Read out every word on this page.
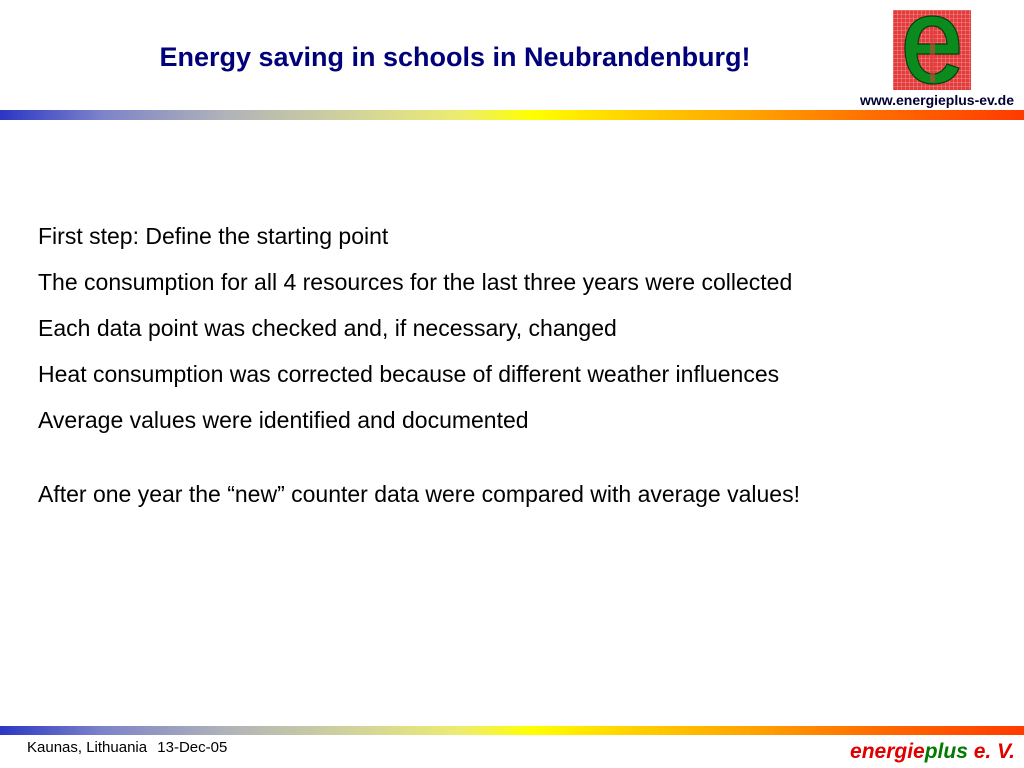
Energy saving in schools in Neubrandenburg!
www.energieplus-ev.de

First step: Define the starting point

The consumption for all 4 resources for the last three years were collected

Each data point was checked and, if necessary, changed

Heat consumption was corrected because of different weather influences

Average values were identified and documented

After one year the “new” counter data were compared with average values!

Kaunas, Lithuania 13-Dec-05	energieplus e. V.
